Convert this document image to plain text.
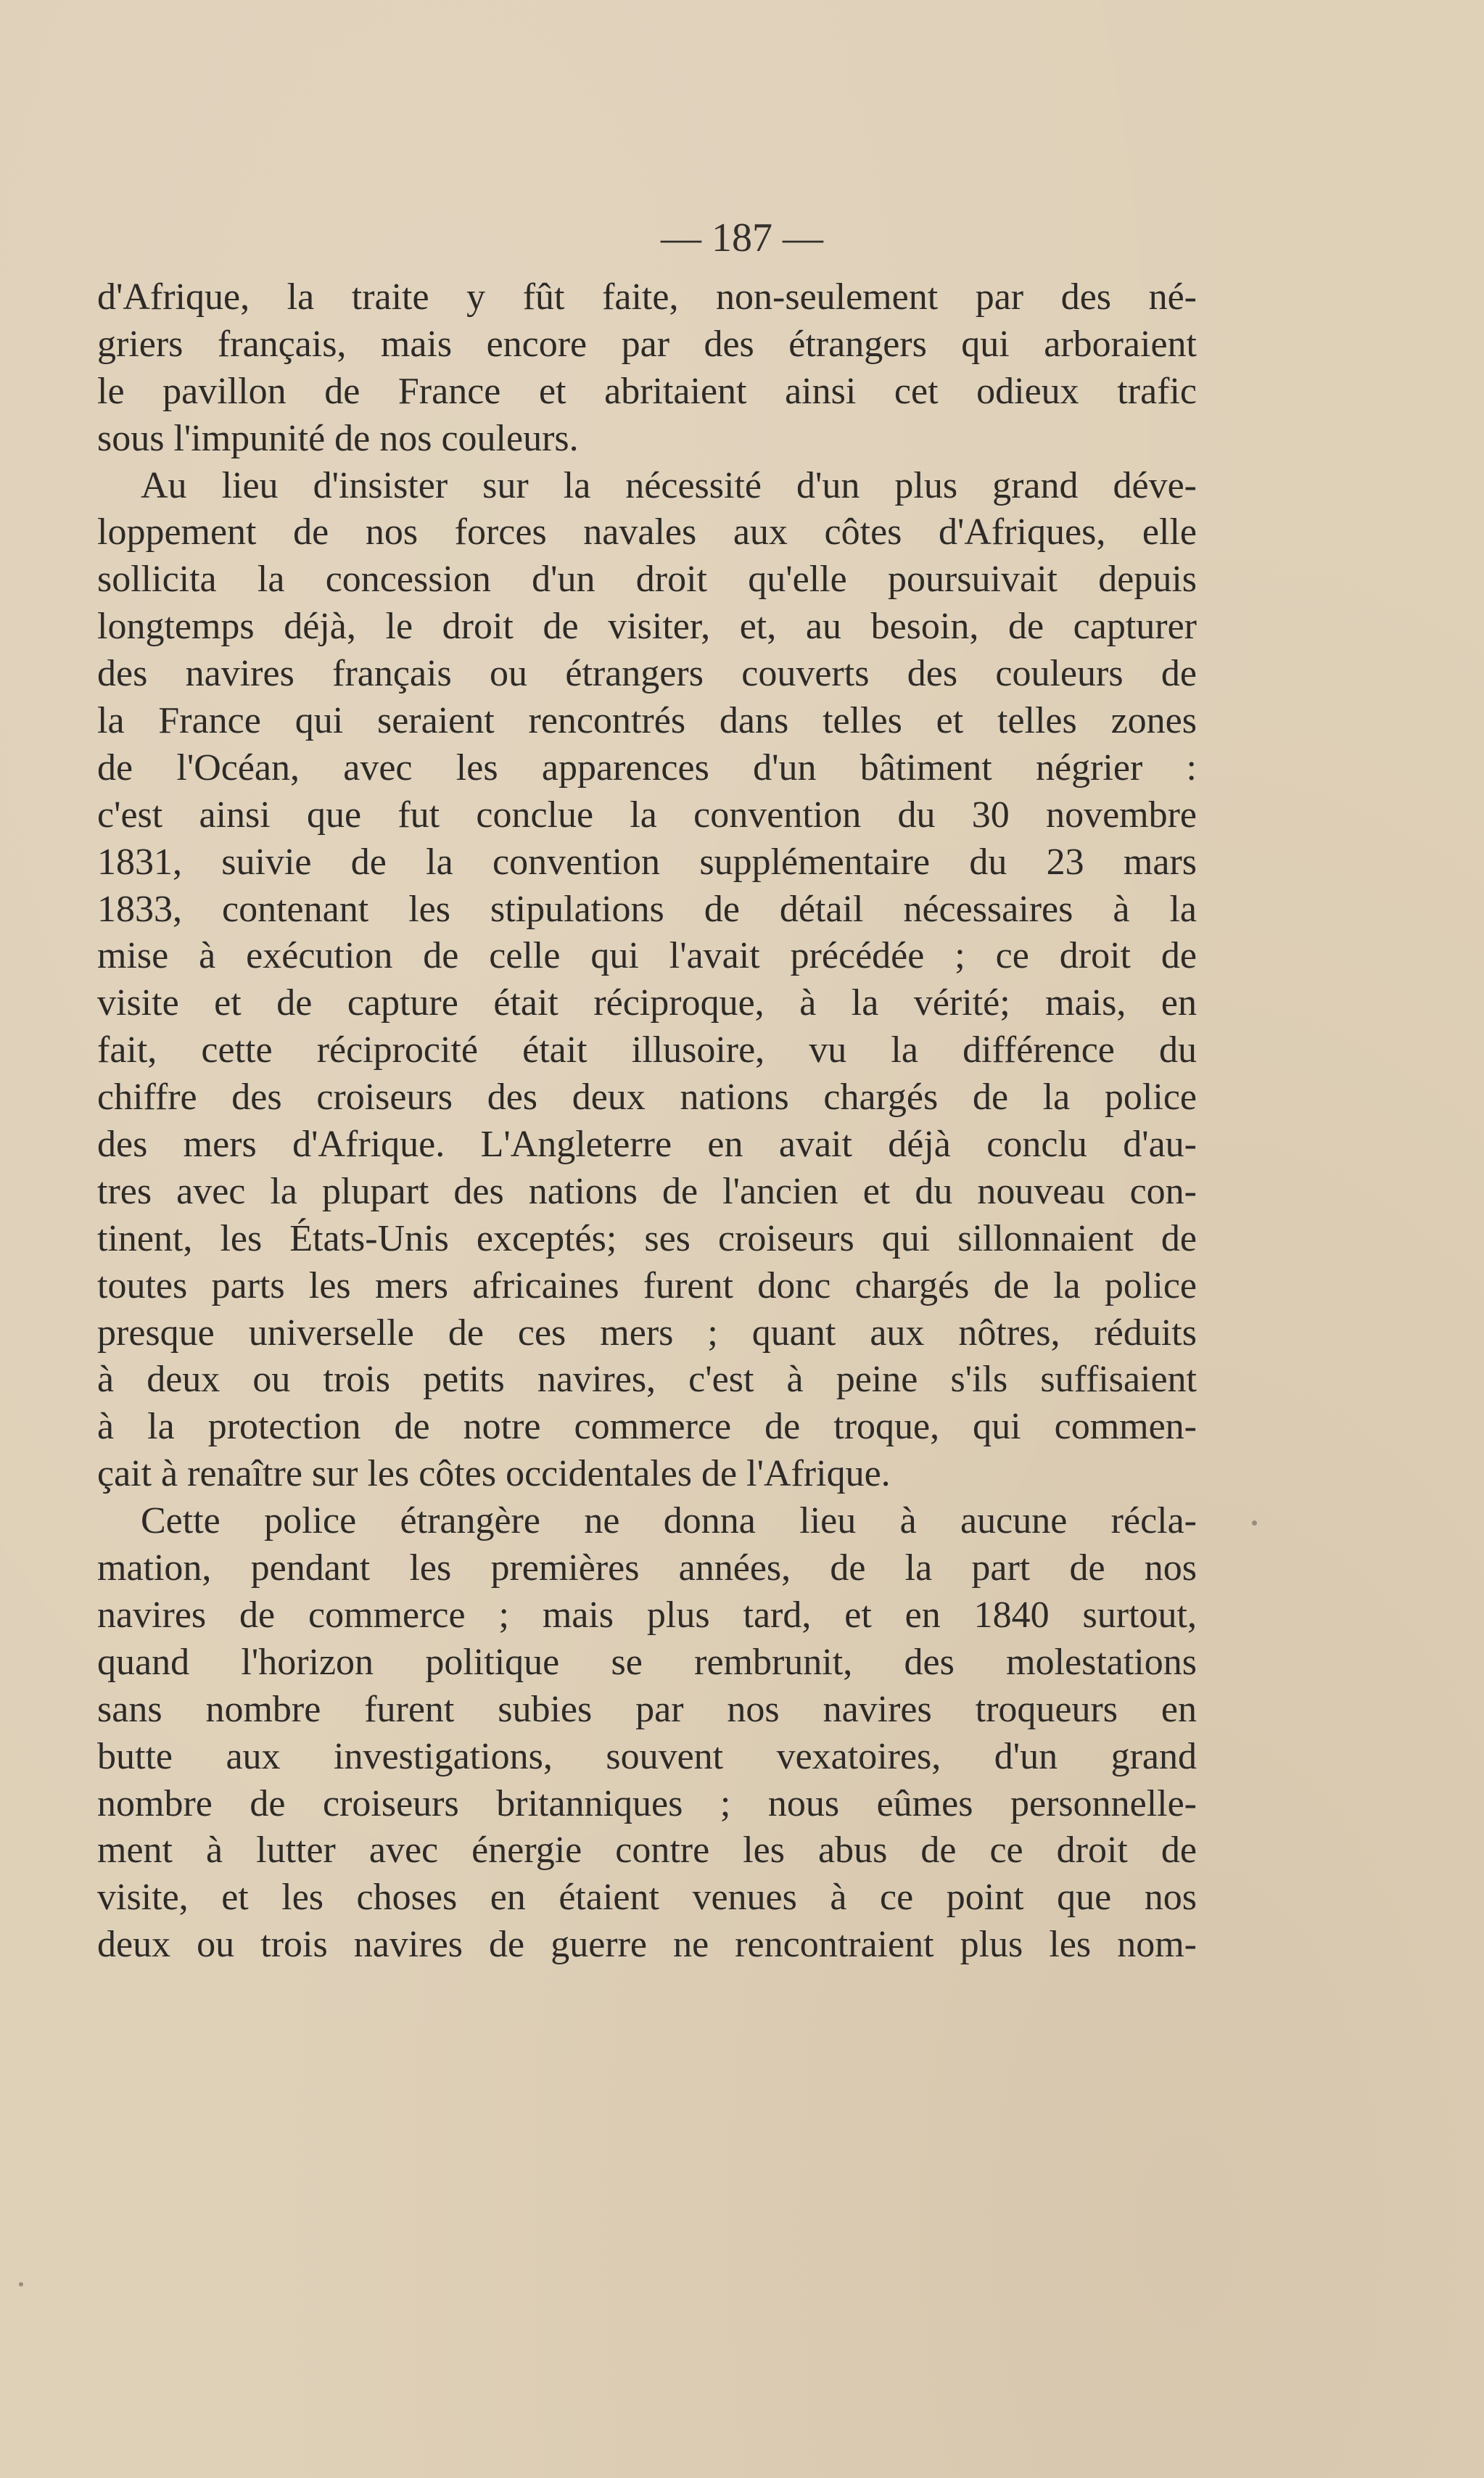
— 187 —
d'Afrique, la traite y fût faite, non-seulement par des né-
griers français, mais encore par des étrangers qui arboraient
le pavillon de France et abritaient ainsi cet odieux trafic
sous l'impunité de nos couleurs.
Au lieu d'insister sur la nécessité d'un plus grand déve-
loppement de nos forces navales aux côtes d'Afriques, elle
sollicita la concession d'un droit qu'elle poursuivait depuis
longtemps déjà, le droit de visiter, et, au besoin, de capturer
des navires français ou étrangers couverts des couleurs de
la France qui seraient rencontrés dans telles et telles zones
de l'Océan, avec les apparences d'un bâtiment négrier :
c'est ainsi que fut conclue la convention du 30 novembre
1831, suivie de la convention supplémentaire du 23 mars
1833, contenant les stipulations de détail nécessaires à la
mise à exécution de celle qui l'avait précédée ; ce droit de
visite et de capture était réciproque, à la vérité; mais, en
fait, cette réciprocité était illusoire, vu la différence du
chiffre des croiseurs des deux nations chargés de la police
des mers d'Afrique. L'Angleterre en avait déjà conclu d'au-
tres avec la plupart des nations de l'ancien et du nouveau con-
tinent, les États-Unis exceptés; ses croiseurs qui sillonnaient de
toutes parts les mers africaines furent donc chargés de la police
presque universelle de ces mers ; quant aux nôtres, réduits
à deux ou trois petits navires, c'est à peine s'ils suffisaient
à la protection de notre commerce de troque, qui commen-
çait à renaître sur les côtes occidentales de l'Afrique.
Cette police étrangère ne donna lieu à aucune récla-
mation, pendant les premières années, de la part de nos
navires de commerce ; mais plus tard, et en 1840 surtout,
quand l'horizon politique se rembrunit, des molestations
sans nombre furent subies par nos navires troqueurs en
butte aux investigations, souvent vexatoires, d'un grand
nombre de croiseurs britanniques ; nous eûmes personnelle-
ment à lutter avec énergie contre les abus de ce droit de
visite, et les choses en étaient venues à ce point que nos
deux ou trois navires de guerre ne rencontraient plus les nom-
